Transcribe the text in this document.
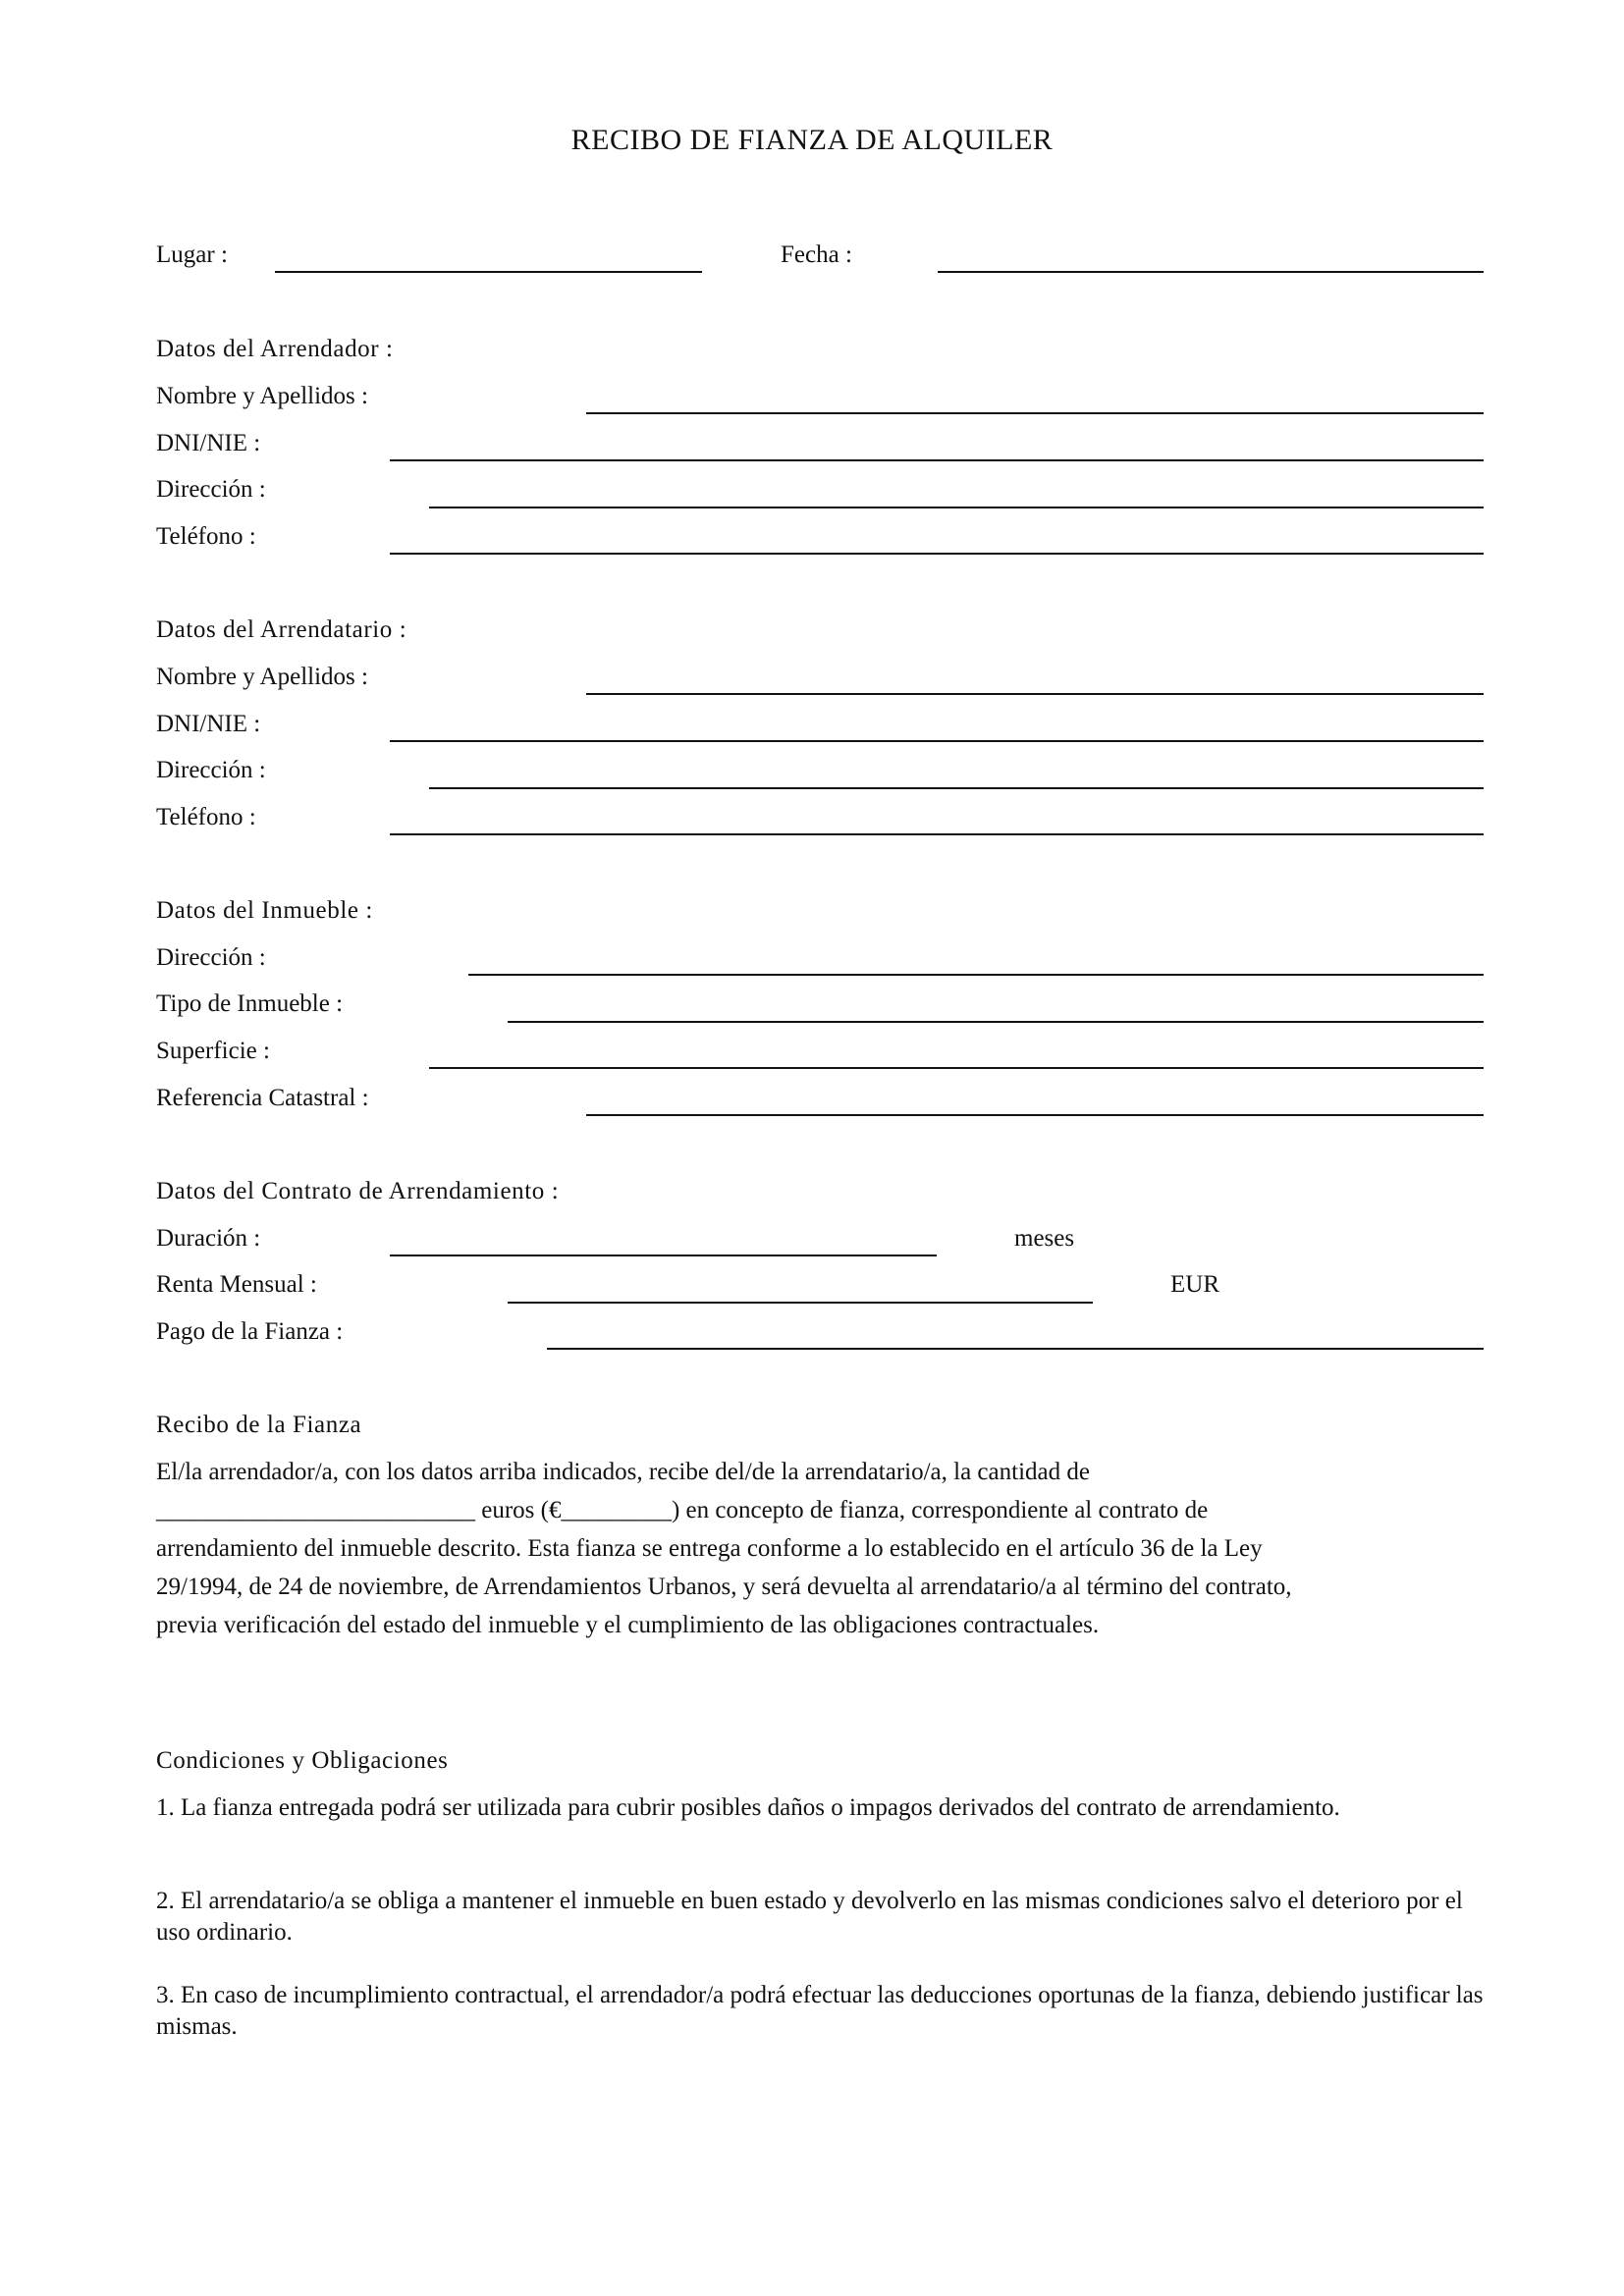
RECIBO DE FIANZA DE ALQUILER
Lugar :	Fecha :
Datos del Arrendador :
Nombre y Apellidos :
DNI/NIE :
Dirección :
Teléfono :
Datos del Arrendatario :
Nombre y Apellidos :
DNI/NIE :
Dirección :
Teléfono :
Datos del Inmueble :
Dirección :
Tipo de Inmueble :
Superficie :
Referencia Catastral :
Datos del Contrato de Arrendamiento :
Duración :	meses
Renta Mensual :	EUR
Pago de la Fianza :
Recibo de la Fianza

El/la arrendador/a, con los datos arriba indicados, recibe del/de la arrendatario/a, la cantidad de

__________________________ euros (€_________) en concepto de fianza, correspondiente al contrato de

arrendamiento del inmueble descrito. Esta fianza se entrega conforme a lo establecido en el artículo 36 de la Ley

29/1994, de 24 de noviembre, de Arrendamientos Urbanos, y será devuelta al arrendatario/a al término del contrato,

previa verificación del estado del inmueble y el cumplimiento de las obligaciones contractuales.

Condiciones y Obligaciones
1. La fianza entregada podrá ser utilizada para cubrir posibles daños o impagos derivados del contrato de arrendamiento.
2. El arrendatario/a se obliga a mantener el inmueble en buen estado y devolverlo en las mismas condiciones salvo el deterioro por el uso ordinario.
3. En caso de incumplimiento contractual, el arrendador/a podrá efectuar las deducciones oportunas de la fianza, debiendo justificar las mismas.
